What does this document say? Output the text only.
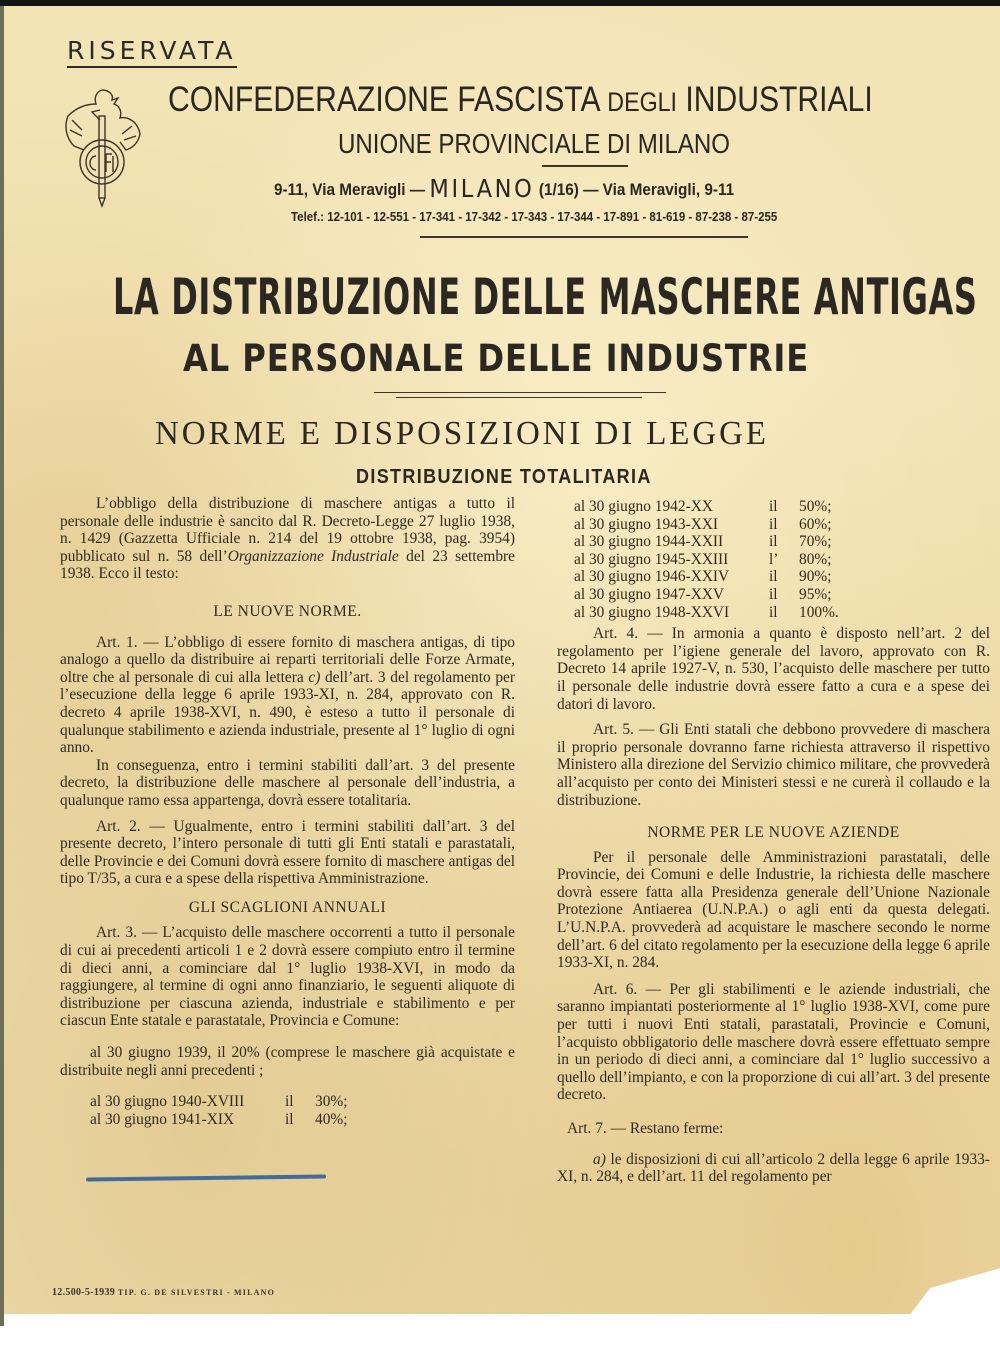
RISERVATA
CONFEDERAZIONE FASCISTA DEGLI INDUSTRIALI
UNIONE PROVINCIALE DI MILANO
9-11, Via Meravigli — MILANO (1/16) — Via Meravigli, 9-11
Telef.: 12-101 - 12-551 - 17-341 - 17-342 - 17-343 - 17-344 - 17-891 - 81-619 - 87-238 - 87-255
LA DISTRIBUZIONE DELLE MASCHERE ANTIGAS
AL PERSONALE DELLE INDUSTRIE
NORME E DISPOSIZIONI DI LEGGE
DISTRIBUZIONE TOTALITARIA

L’obbligo della distribuzione di maschere antigas a tutto il personale delle industrie è sancito dal R. Decreto-Legge 27 luglio 1938, n. 1429 (Gazzetta Ufficiale n. 214 del 19 ottobre 1938, pag. 3954) pubblicato sul n. 58 dell’Organizzazione Industriale del 23 settembre 1938. Ecco il testo:

LE NUOVE NORME.

Art. 1. — L’obbligo di essere fornito di maschera antigas, di tipo analogo a quello da distribuire ai reparti territoriali delle Forze Armate, oltre che al personale di cui alla lettera c) dell’art. 3 del regolamento per l’esecuzione della legge 6 aprile 1933-XI, n. 284, approvato con R. decreto 4 aprile 1938-XVI, n. 490, è esteso a tutto il personale di qualunque stabilimento e azienda industriale, presente al 1° luglio di ogni anno.

In conseguenza, entro i termini stabiliti dall’art. 3 del presente decreto, la distribuzione delle maschere al personale dell’industria, a qualunque ramo essa appartenga, dovrà essere totalitaria.

Art. 2. — Ugualmente, entro i termini stabiliti dall’art. 3 del presente decreto, l’intero personale di tutti gli Enti statali e parastatali, delle Provincie e dei Comuni dovrà essere fornito di maschere antigas del tipo T/35, a cura e a spese della rispettiva Amministrazione.

GLI SCAGLIONI ANNUALI

Art. 3. — L’acquisto delle maschere occorrenti a tutto il personale di cui ai precedenti articoli 1 e 2 dovrà essere compiuto entro il termine di dieci anni, a cominciare dal 1° luglio 1938-XVI, in modo da raggiungere, al termine di ogni anno finanziario, le seguenti aliquote di distribuzione per ciascuna azienda, industriale e stabilimento e per ciascun Ente statale e parastatale, Provincia e Comune:

al 30 giugno 1939, il 20% (comprese le maschere già acquistate e distribuite negli anni precedenti ;

al 30 giugno 1940-XVIII	il	30%;
al 30 giugno 1941-XIX	il	40%;
al 30 giugno 1942-XX	il	50%;
al 30 giugno 1943-XXI	il	60%;
al 30 giugno 1944-XXII	il	70%;
al 30 giugno 1945-XXIII	l’	80%;
al 30 giugno 1946-XXIV	il	90%;
al 30 giugno 1947-XXV	il	95%;
al 30 giugno 1948-XXVI	il	100%.

Art. 4. — In armonia a quanto è disposto nell’art. 2 del regolamento per l’igiene generale del lavoro, approvato con R. Decreto 14 aprile 1927-V, n. 530, l’acquisto delle maschere per tutto il personale delle industrie dovrà essere fatto a cura e a spese dei datori di lavoro.

Art. 5. — Gli Enti statali che debbono provvedere di maschera il proprio personale dovranno farne richiesta attraverso il rispettivo Ministero alla direzione del Servizio chimico militare, che provvederà all’acquisto per conto dei Ministeri stessi e ne curerà il collaudo e la distribuzione.

NORME PER LE NUOVE AZIENDE

Per il personale delle Amministrazioni parastatali, delle Provincie, dei Comuni e delle Industrie, la richiesta delle maschere dovrà essere fatta alla Presidenza generale dell’Unione Nazionale Protezione Antiaerea (U.N.P.A.) o agli enti da questa delegati. L’U.N.P.A. provvederà ad acquistare le maschere secondo le norme dell’art. 6 del citato regolamento per la esecuzione della legge 6 aprile 1933-XI, n. 284.

Art. 6. — Per gli stabilimenti e le aziende industriali, che saranno impiantati posteriormente al 1° luglio 1938-XVI, come pure per tutti i nuovi Enti statali, parastatali, Provincie e Comuni, l’acquisto obbligatorio delle maschere dovrà essere effettuato sempre in un periodo di dieci anni, a cominciare dal 1° luglio successivo a quello dell’impianto, e con la proporzione di cui all’art. 3 del presente decreto.

Art. 7. — Restano ferme:

a) le disposizioni di cui all’articolo 2 della legge 6 aprile 1933-XI, n. 284, e dell’art. 11 del regolamento per

12.500-5-1939 TIP. G. DE SILVESTRI - MILANO
